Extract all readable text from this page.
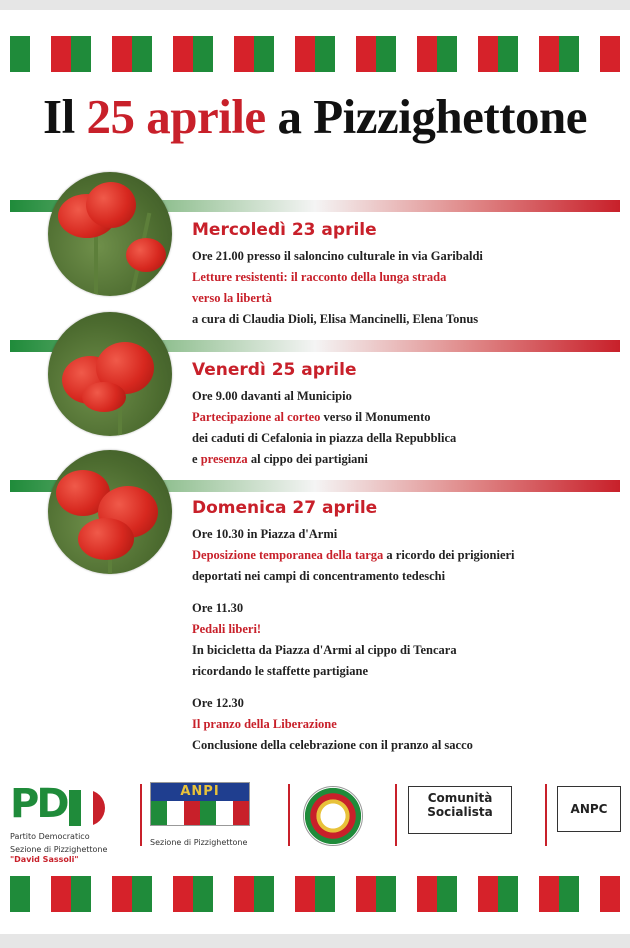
Il 25 aprile a Pizzighettone
Mercoledì 23 aprile
Ore 21.00 presso il saloncino culturale in via Garibaldi
Letture resistenti: il racconto della lunga strada
verso la libertà
a cura di Claudia Dioli, Elisa Mancinelli, Elena Tonus
Venerdì 25 aprile
Ore 9.00 davanti al Municipio
Partecipazione al corteo verso il Monumento
dei caduti di Cefalonia in piazza della Repubblica
e presenza al cippo dei partigiani
Domenica 27 aprile
Ore 10.30 in Piazza d'Armi
Deposizione temporanea della targa a ricordo dei prigionieri
deportati nei campi di concentramento tedeschi
Ore 11.30
Pedali liberi!
In bicicletta da Piazza d'Armi al cippo di Tencara
ricordando le staffette partigiane
Ore 12.30
Il pranzo della Liberazione
Conclusione della celebrazione con il pranzo al sacco
PD
Partito Democratico
Sezione di Pizzighettone
"David Sassoli"
ANPI
Sezione di Pizzighettone
Comunità
Socialista	ANPC
